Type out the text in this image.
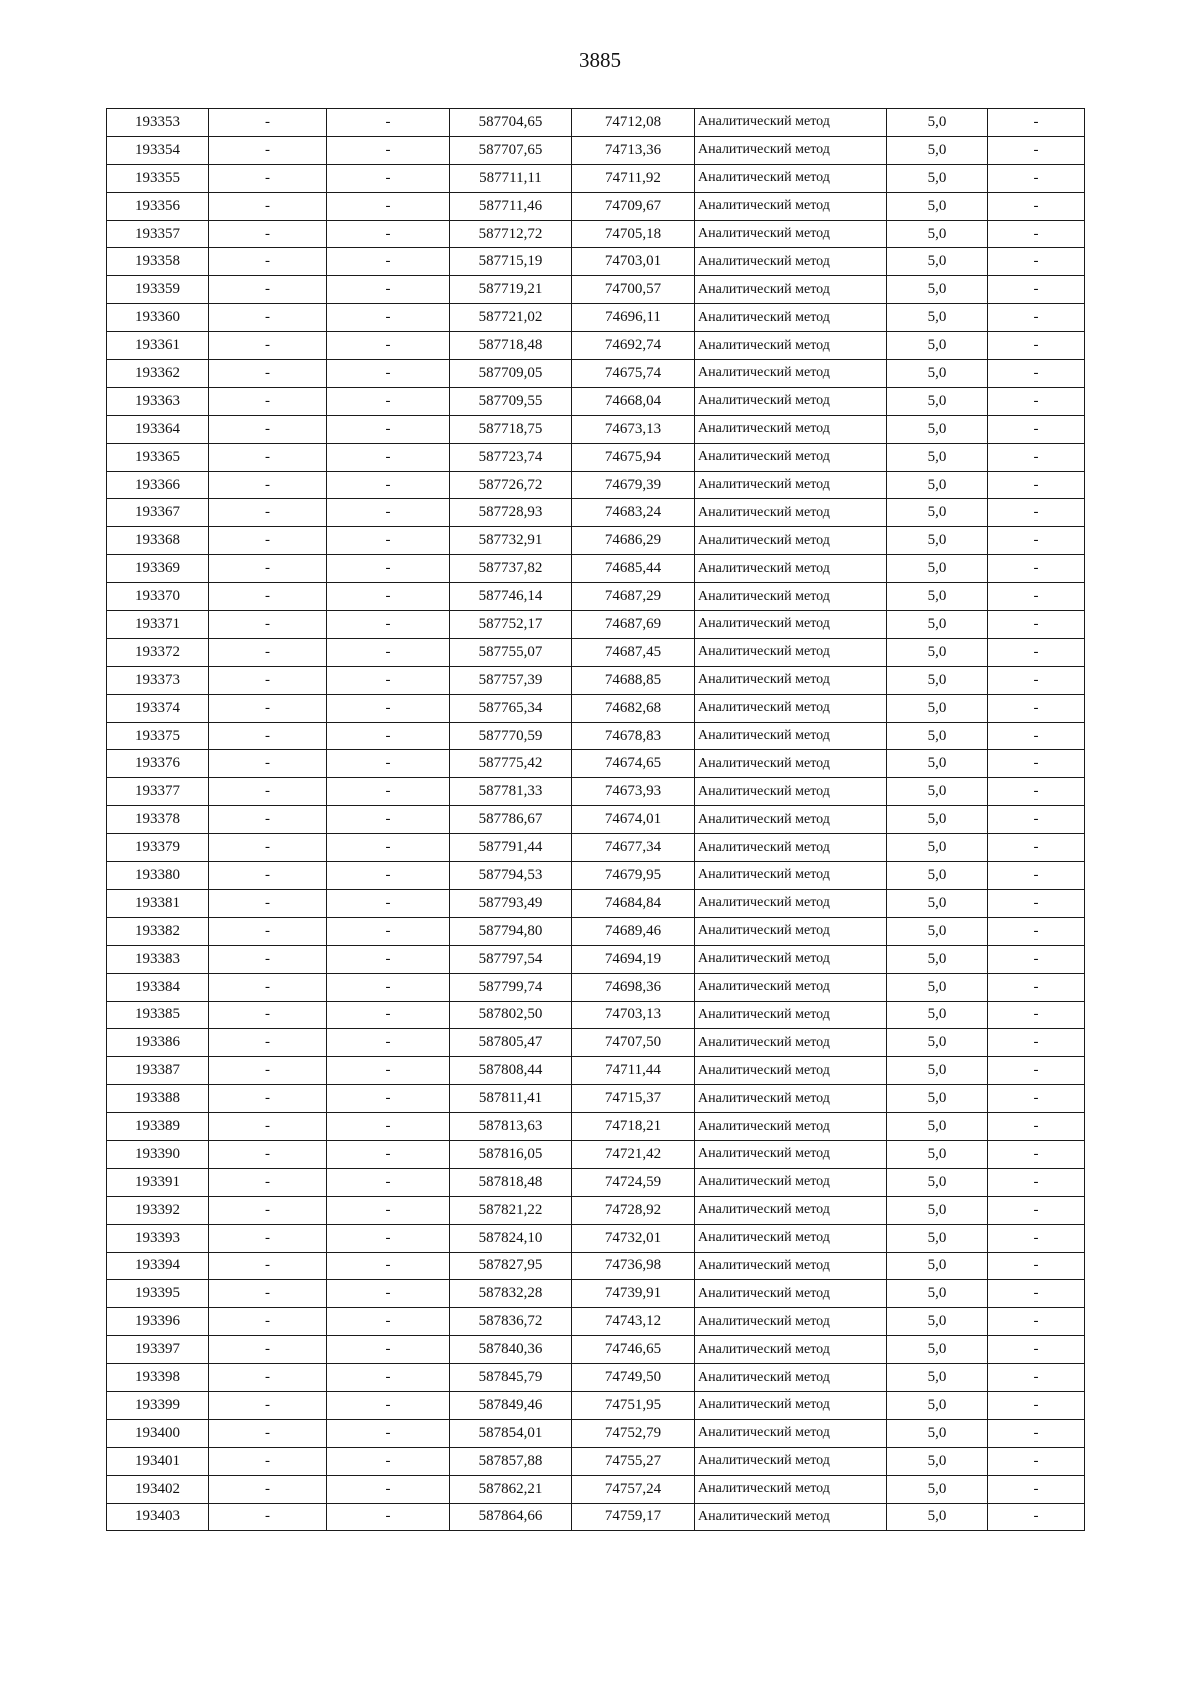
3885
193353	-	-	587704,65	74712,08	Аналитический метод	5,0	-
193354	-	-	587707,65	74713,36	Аналитический метод	5,0	-
193355	-	-	587711,11	74711,92	Аналитический метод	5,0	-
193356	-	-	587711,46	74709,67	Аналитический метод	5,0	-
193357	-	-	587712,72	74705,18	Аналитический метод	5,0	-
193358	-	-	587715,19	74703,01	Аналитический метод	5,0	-
193359	-	-	587719,21	74700,57	Аналитический метод	5,0	-
193360	-	-	587721,02	74696,11	Аналитический метод	5,0	-
193361	-	-	587718,48	74692,74	Аналитический метод	5,0	-
193362	-	-	587709,05	74675,74	Аналитический метод	5,0	-
193363	-	-	587709,55	74668,04	Аналитический метод	5,0	-
193364	-	-	587718,75	74673,13	Аналитический метод	5,0	-
193365	-	-	587723,74	74675,94	Аналитический метод	5,0	-
193366	-	-	587726,72	74679,39	Аналитический метод	5,0	-
193367	-	-	587728,93	74683,24	Аналитический метод	5,0	-
193368	-	-	587732,91	74686,29	Аналитический метод	5,0	-
193369	-	-	587737,82	74685,44	Аналитический метод	5,0	-
193370	-	-	587746,14	74687,29	Аналитический метод	5,0	-
193371	-	-	587752,17	74687,69	Аналитический метод	5,0	-
193372	-	-	587755,07	74687,45	Аналитический метод	5,0	-
193373	-	-	587757,39	74688,85	Аналитический метод	5,0	-
193374	-	-	587765,34	74682,68	Аналитический метод	5,0	-
193375	-	-	587770,59	74678,83	Аналитический метод	5,0	-
193376	-	-	587775,42	74674,65	Аналитический метод	5,0	-
193377	-	-	587781,33	74673,93	Аналитический метод	5,0	-
193378	-	-	587786,67	74674,01	Аналитический метод	5,0	-
193379	-	-	587791,44	74677,34	Аналитический метод	5,0	-
193380	-	-	587794,53	74679,95	Аналитический метод	5,0	-
193381	-	-	587793,49	74684,84	Аналитический метод	5,0	-
193382	-	-	587794,80	74689,46	Аналитический метод	5,0	-
193383	-	-	587797,54	74694,19	Аналитический метод	5,0	-
193384	-	-	587799,74	74698,36	Аналитический метод	5,0	-
193385	-	-	587802,50	74703,13	Аналитический метод	5,0	-
193386	-	-	587805,47	74707,50	Аналитический метод	5,0	-
193387	-	-	587808,44	74711,44	Аналитический метод	5,0	-
193388	-	-	587811,41	74715,37	Аналитический метод	5,0	-
193389	-	-	587813,63	74718,21	Аналитический метод	5,0	-
193390	-	-	587816,05	74721,42	Аналитический метод	5,0	-
193391	-	-	587818,48	74724,59	Аналитический метод	5,0	-
193392	-	-	587821,22	74728,92	Аналитический метод	5,0	-
193393	-	-	587824,10	74732,01	Аналитический метод	5,0	-
193394	-	-	587827,95	74736,98	Аналитический метод	5,0	-
193395	-	-	587832,28	74739,91	Аналитический метод	5,0	-
193396	-	-	587836,72	74743,12	Аналитический метод	5,0	-
193397	-	-	587840,36	74746,65	Аналитический метод	5,0	-
193398	-	-	587845,79	74749,50	Аналитический метод	5,0	-
193399	-	-	587849,46	74751,95	Аналитический метод	5,0	-
193400	-	-	587854,01	74752,79	Аналитический метод	5,0	-
193401	-	-	587857,88	74755,27	Аналитический метод	5,0	-
193402	-	-	587862,21	74757,24	Аналитический метод	5,0	-
193403	-	-	587864,66	74759,17	Аналитический метод	5,0	-
